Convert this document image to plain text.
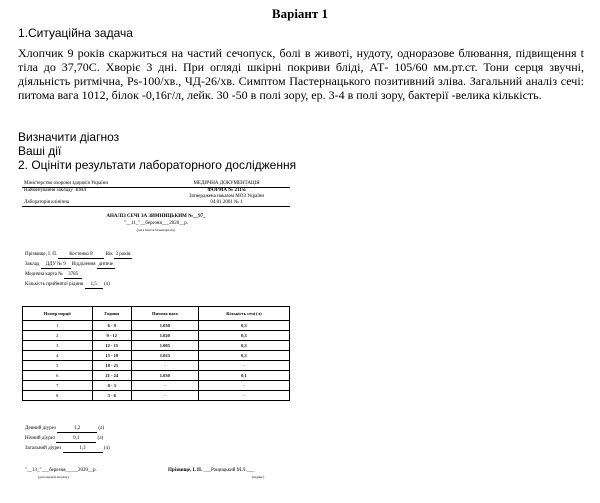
Варіант 1
1.Ситуаційна задача
Хлопчик 9 років скаржиться на частий сечопуск, болі в животі, нудоту, одноразове блювання, підвищення t тіла до 37,70С. Хворіє 3 дні. При огляді шкірні покриви бліді, АТ- 105/60 мм.рт.ст. Тони серця звучні, діяльність ритмічна, Ps-100/хв., ЧД-26/хв. Симптом Пастернацького позитивний зліва. Загальний аналіз сечі: питома вага 1012, білок -0,16г/л, лейк. 30 -50 в полі зору, ер. 3-4 в полі зору, бактерії -велика кількість.
Визначити діагноз
Ваші дії
2. Оцініти результати лабораторного дослідження
Міністерство охорони здоров'я України	МЕДИЧНА ДОКУМЕНТАЦІЯ
Найменування закладу КМЛ	ФОРМА № 211/о
	Затверджена наказом МОЗ України
Лабораторія клінічна	04.01.2001 № 1
АНАЛІЗ СЕЧІ ЗА ЗИМНИЦЬКИМ №__97_
"__11_"__березня___2020__р.
(дата взяття біоматеріалу)
Прізвище, І. П. Костенко Р. Вік 3 років
Заклад ДДУ № 9 Відділення дитяче
Медична карта № 3785
Кількість прийнятої рідини 1,5 (л)
Номер порції	Години	Питома вага	Кількість сечі (л)
1	6 - 9	1.030	0,3
2	9 - 12	1.020	0,3
3	12 - 15	1.005	0,3
4	15 - 18	1.023	0,3
5	18 - 21	-	-
6	21 - 24	1.030	0,1
7	0 - 3	-	-
8	3 - 6	-	-
Денний діурез	1,2	(л)
Нічний діурез	0,1	(л)
Загальний діурез	1,3	(л)
"__13_"___березня_____2020__р.
(дата видачі аналізу)
Прізвище, І. П. ___Рощицький М.Л.___
(підпис)
